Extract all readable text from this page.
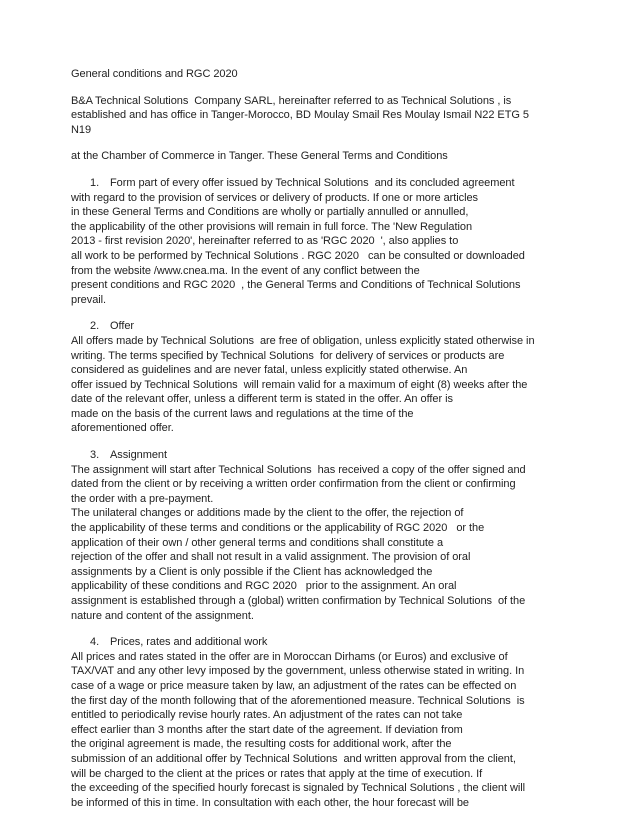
General conditions and RGC 2020
B&A Technical Solutions  Company SARL, hereinafter referred to as Technical Solutions , is
established and has office in Tanger-Morocco, BD Moulay Smail Res Moulay Ismail N22 ETG 5
N19
at the Chamber of Commerce in Tanger. These General Terms and Conditions
1. Form part of every offer issued by Technical Solutions  and its concluded agreement
with regard to the provision of services or delivery of products. If one or more articles
in these General Terms and Conditions are wholly or partially annulled or annulled,
the applicability of the other provisions will remain in full force. The 'New Regulation
2013 - first revision 2020', hereinafter referred to as 'RGC 2020  ', also applies to
all work to be performed by Technical Solutions . RGC 2020   can be consulted or downloaded
from the website /www.cnea.ma. In the event of any conflict between the
present conditions and RGC 2020  , the General Terms and Conditions of Technical Solutions
prevail.
2. Offer
All offers made by Technical Solutions  are free of obligation, unless explicitly stated otherwise in
writing. The terms specified by Technical Solutions  for delivery of services or products are
considered as guidelines and are never fatal, unless explicitly stated otherwise. An
offer issued by Technical Solutions  will remain valid for a maximum of eight (8) weeks after the
date of the relevant offer, unless a different term is stated in the offer. An offer is
made on the basis of the current laws and regulations at the time of the
aforementioned offer.
3. Assignment
The assignment will start after Technical Solutions  has received a copy of the offer signed and
dated from the client or by receiving a written order confirmation from the client or confirming
the order with a pre-payment.
The unilateral changes or additions made by the client to the offer, the rejection of
the applicability of these terms and conditions or the applicability of RGC 2020   or the
application of their own / other general terms and conditions shall constitute a
rejection of the offer and shall not result in a valid assignment. The provision of oral
assignments by a Client is only possible if the Client has acknowledged the
applicability of these conditions and RGC 2020   prior to the assignment. An oral
assignment is established through a (global) written confirmation by Technical Solutions  of the
nature and content of the assignment.
4. Prices, rates and additional work
All prices and rates stated in the offer are in Moroccan Dirhams (or Euros) and exclusive of
TAX/VAT and any other levy imposed by the government, unless otherwise stated in writing. In
case of a wage or price measure taken by law, an adjustment of the rates can be effected on
the first day of the month following that of the aforementioned measure. Technical Solutions  is
entitled to periodically revise hourly rates. An adjustment of the rates can not take
effect earlier than 3 months after the start date of the agreement. If deviation from
the original agreement is made, the resulting costs for additional work, after the
submission of an additional offer by Technical Solutions  and written approval from the client,
will be charged to the client at the prices or rates that apply at the time of execution. If
the exceeding of the specified hourly forecast is signaled by Technical Solutions , the client will
be informed of this in time. In consultation with each other, the hour forecast will be
